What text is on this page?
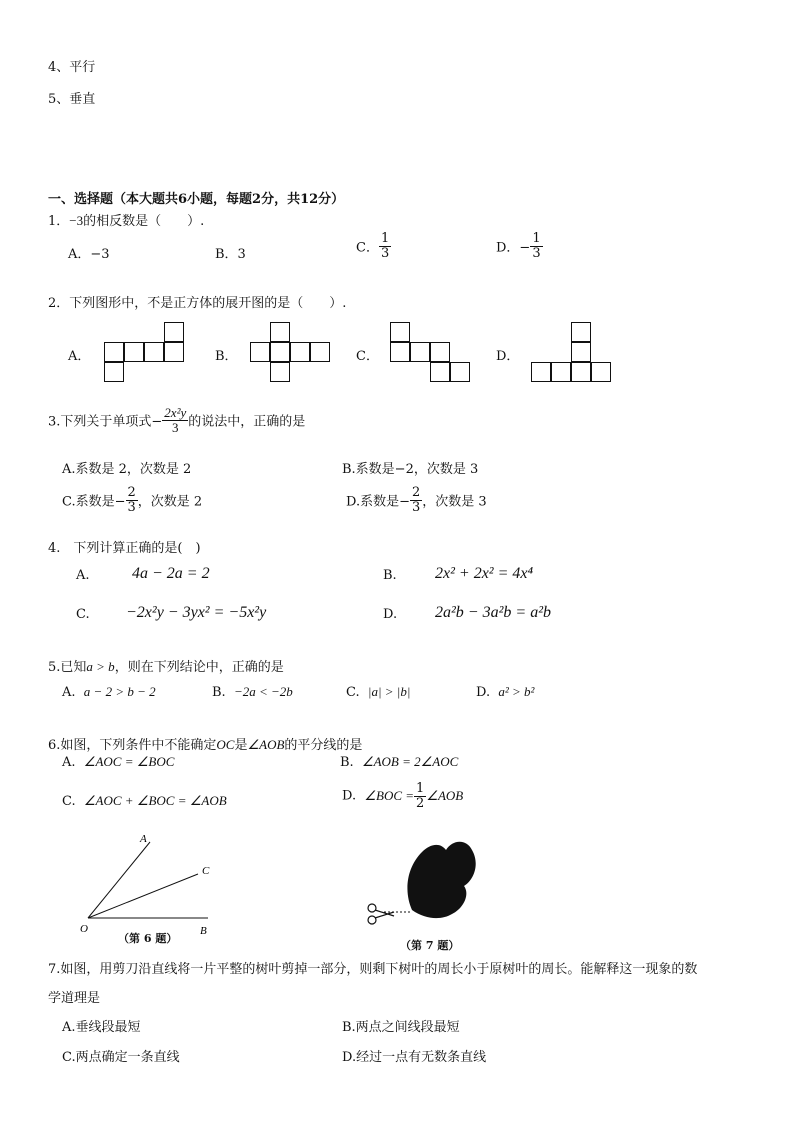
4、平行
5、垂直
一、选择题（本大题共6小题，每题2分，共12分）
1．−3的相反数是（　　）.
A．−3	B．3	C． $\frac{1}{3}$	D．− $\frac{1}{3}$
2．下列图形中，不是正方体的展开图的是（　　）.
A．	B．	C．	D．
3.下列关于单项式− $\frac{\text{2x²y}}{3}$ 的说法中，正确的是
A.系数是 2，次数是 2	B.系数是−2，次数是 3
C.系数是− $\frac{2}{3}$ ，次数是 2	D.系数是− $\frac{2}{3}$ ，次数是 3
4.　下列计算正确的是(　)
A.	4a − 2a = 2	B. 2x² + 2x² = 4x⁴
C. −2x²y − 3yx² = −5x²y	D. 2a²b − 3a²b = a²b
5.已知a > b，则在下列结论中，正确的是
A. a − 2 > b − 2	B. −2a < −2b	C. |a| > |b|	D. a² > b²
6.如图，下列条件中不能确定OC是∠AOB的平分线的是
A. ∠AOC = ∠BOC	B. ∠AOB = 2∠AOC
C. ∠AOC + ∠BOC = ∠AOB	D. ∠BOC = $\frac{1}{2}$ ∠AOB
A
C
O	B
（第 6 题）
（第 7 题）
7.如图，用剪刀沿直线将一片平整的树叶剪掉一部分，则剩下树叶的周长小于原树叶的周长。能解释这一现象的数
学道理是
A.垂线段最短	B.两点之间线段最短
C.两点确定一条直线	D.经过一点有无数条直线
